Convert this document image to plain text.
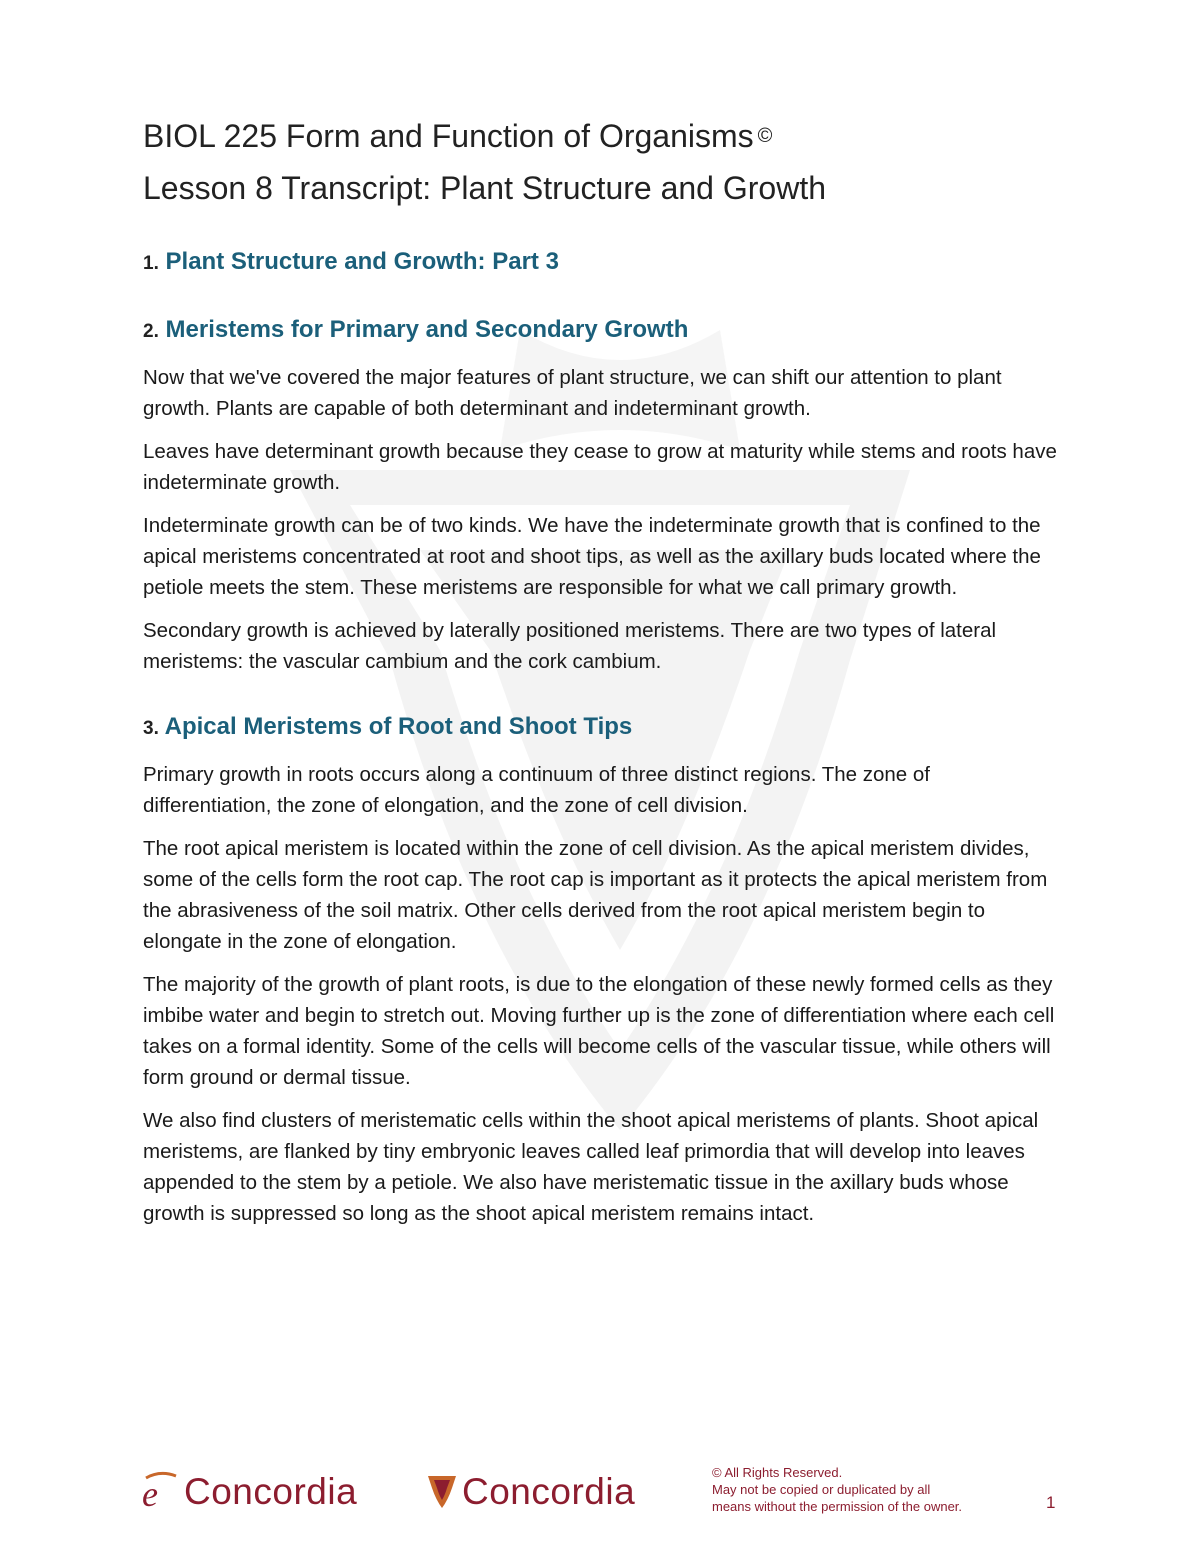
BIOL 225 Form and Function of Organisms ©
Lesson 8 Transcript: Plant Structure and Growth
1. Plant Structure and Growth: Part 3
2. Meristems for Primary and Secondary Growth

Now that we've covered the major features of plant structure, we can shift our attention to plant growth. Plants are capable of both determinant and indeterminant growth.

Leaves have determinant growth because they cease to grow at maturity while stems and roots have indeterminate growth.

Indeterminate growth can be of two kinds. We have the indeterminate growth that is confined to the apical meristems concentrated at root and shoot tips, as well as the axillary buds located where the petiole meets the stem. These meristems are responsible for what we call primary growth.

Secondary growth is achieved by laterally positioned meristems. There are two types of lateral meristems: the vascular cambium and the cork cambium.

3. Apical Meristems of Root and Shoot Tips

Primary growth in roots occurs along a continuum of three distinct regions. The zone of differentiation, the zone of elongation, and the zone of cell division.

The root apical meristem is located within the zone of cell division. As the apical meristem divides, some of the cells form the root cap. The root cap is important as it protects the apical meristem from the abrasiveness of the soil matrix. Other cells derived from the root apical meristem begin to elongate in the zone of elongation.

The majority of the growth of plant roots, is due to the elongation of these newly formed cells as they imbibe water and begin to stretch out. Moving further up is the zone of differentiation where each cell takes on a formal identity. Some of the cells will become cells of the vascular tissue, while others will form ground or dermal tissue.

We also find clusters of meristematic cells within the shoot apical meristems of plants. Shoot apical meristems, are flanked by tiny embryonic leaves called leaf primordia that will develop into leaves appended to the stem by a petiole. We also have meristematic tissue in the axillary buds whose growth is suppressed so long as the shoot apical meristem remains intact.

e Concordia	Concordia	© All Rights Reserved.
May not be copied or duplicated by all
means without the permission of the owner.	1
